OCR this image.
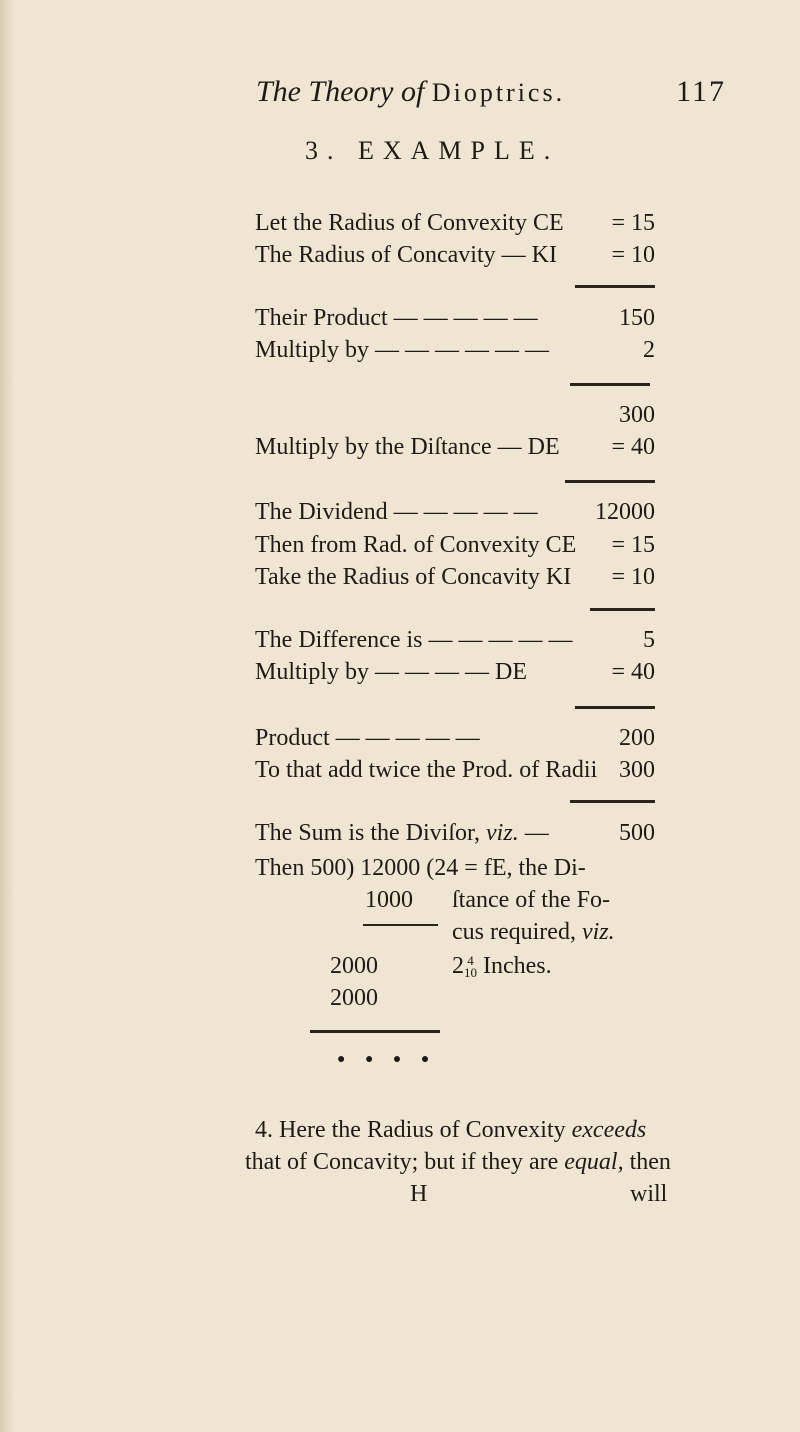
The Theory of Dioptrics.	117
3. EXAMPLE.
Let the Radius of Convexity CE = 15
The Radius of Concavity — KI = 10
Their Product — — — — —	150
Multiply by — — — — — —	2
300
Multiply by the Diſtance — DE = 40
The Dividend — — — — — 12000
Then from Rad. of Convexity CE = 15
Take the Radius of Concavity KI = 10
The Difference is — — — — —	5
Multiply by — — — — DE	= 40
Product — — — — —	200
To that add twice the Prod. of Radii 300
The Sum is the Diviſor, viz. —	500
Then 500) 12000 (24 = fE, the Di-
1000 ſtance of the Fo-
cus required, viz.
2000	2 4
10 Inches.
2000
● ● ● ●
4. Here the Radius of Convexity exceeds
that of Concavity; but if they are equal, then
H	will
